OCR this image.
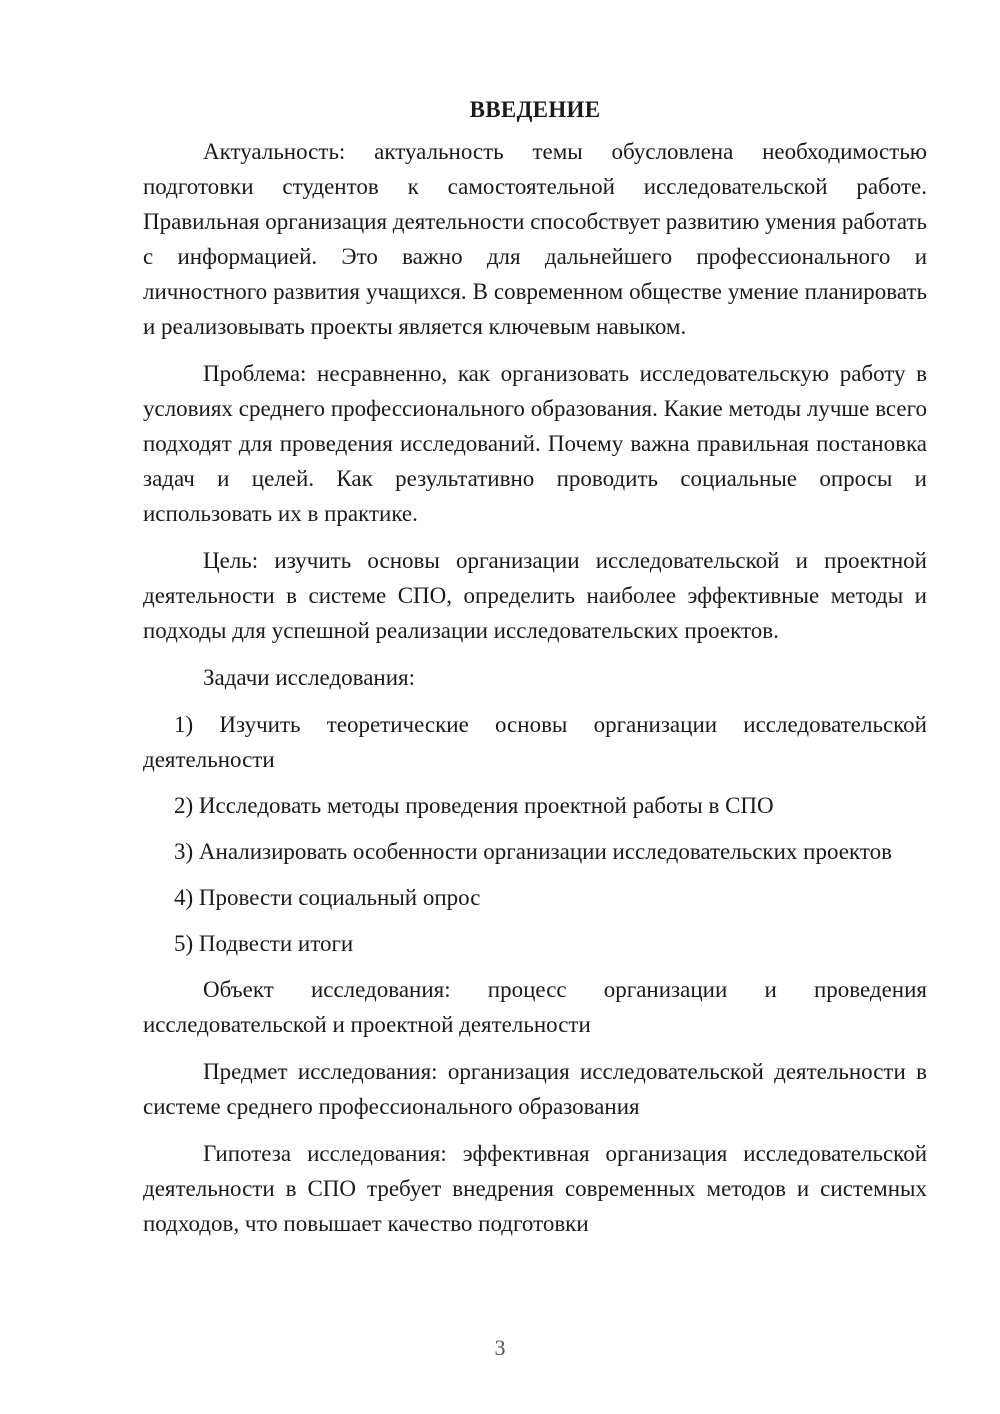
ВВЕДЕНИЕ

Актуальность: актуальность темы обусловлена необходимостью подготовки студентов к самостоятельной исследовательской работе. Правильная организация деятельности способствует развитию умения работать с информацией. Это важно для дальнейшего профессионального и личностного развития учащихся. В современном обществе умение планировать и реализовывать проекты является ключевым навыком.

Проблема: несравненно, как организовать исследовательскую работу в условиях среднего профессионального образования. Какие методы лучше всего подходят для проведения исследований. Почему важна правильная постановка задач и целей. Как результативно проводить социальные опросы и использовать их в практике.

Цель: изучить основы организации исследовательской и проектной деятельности в системе СПО, определить наиболее эффективные методы и подходы для успешной реализации исследовательских проектов.

Задачи исследования:

1) Изучить теоретические основы организации исследовательской деятельности

2) Исследовать методы проведения проектной работы в СПО

3) Анализировать особенности организации исследовательских проектов

4) Провести социальный опрос

5) Подвести итоги

Объект исследования: процесс организации и проведения исследовательской и проектной деятельности

Предмет исследования: организация исследовательской деятельности в системе среднего профессионального образования

Гипотеза исследования: эффективная организация исследовательской деятельности в СПО требует внедрения современных методов и системных подходов, что повышает качество подготовки

3
